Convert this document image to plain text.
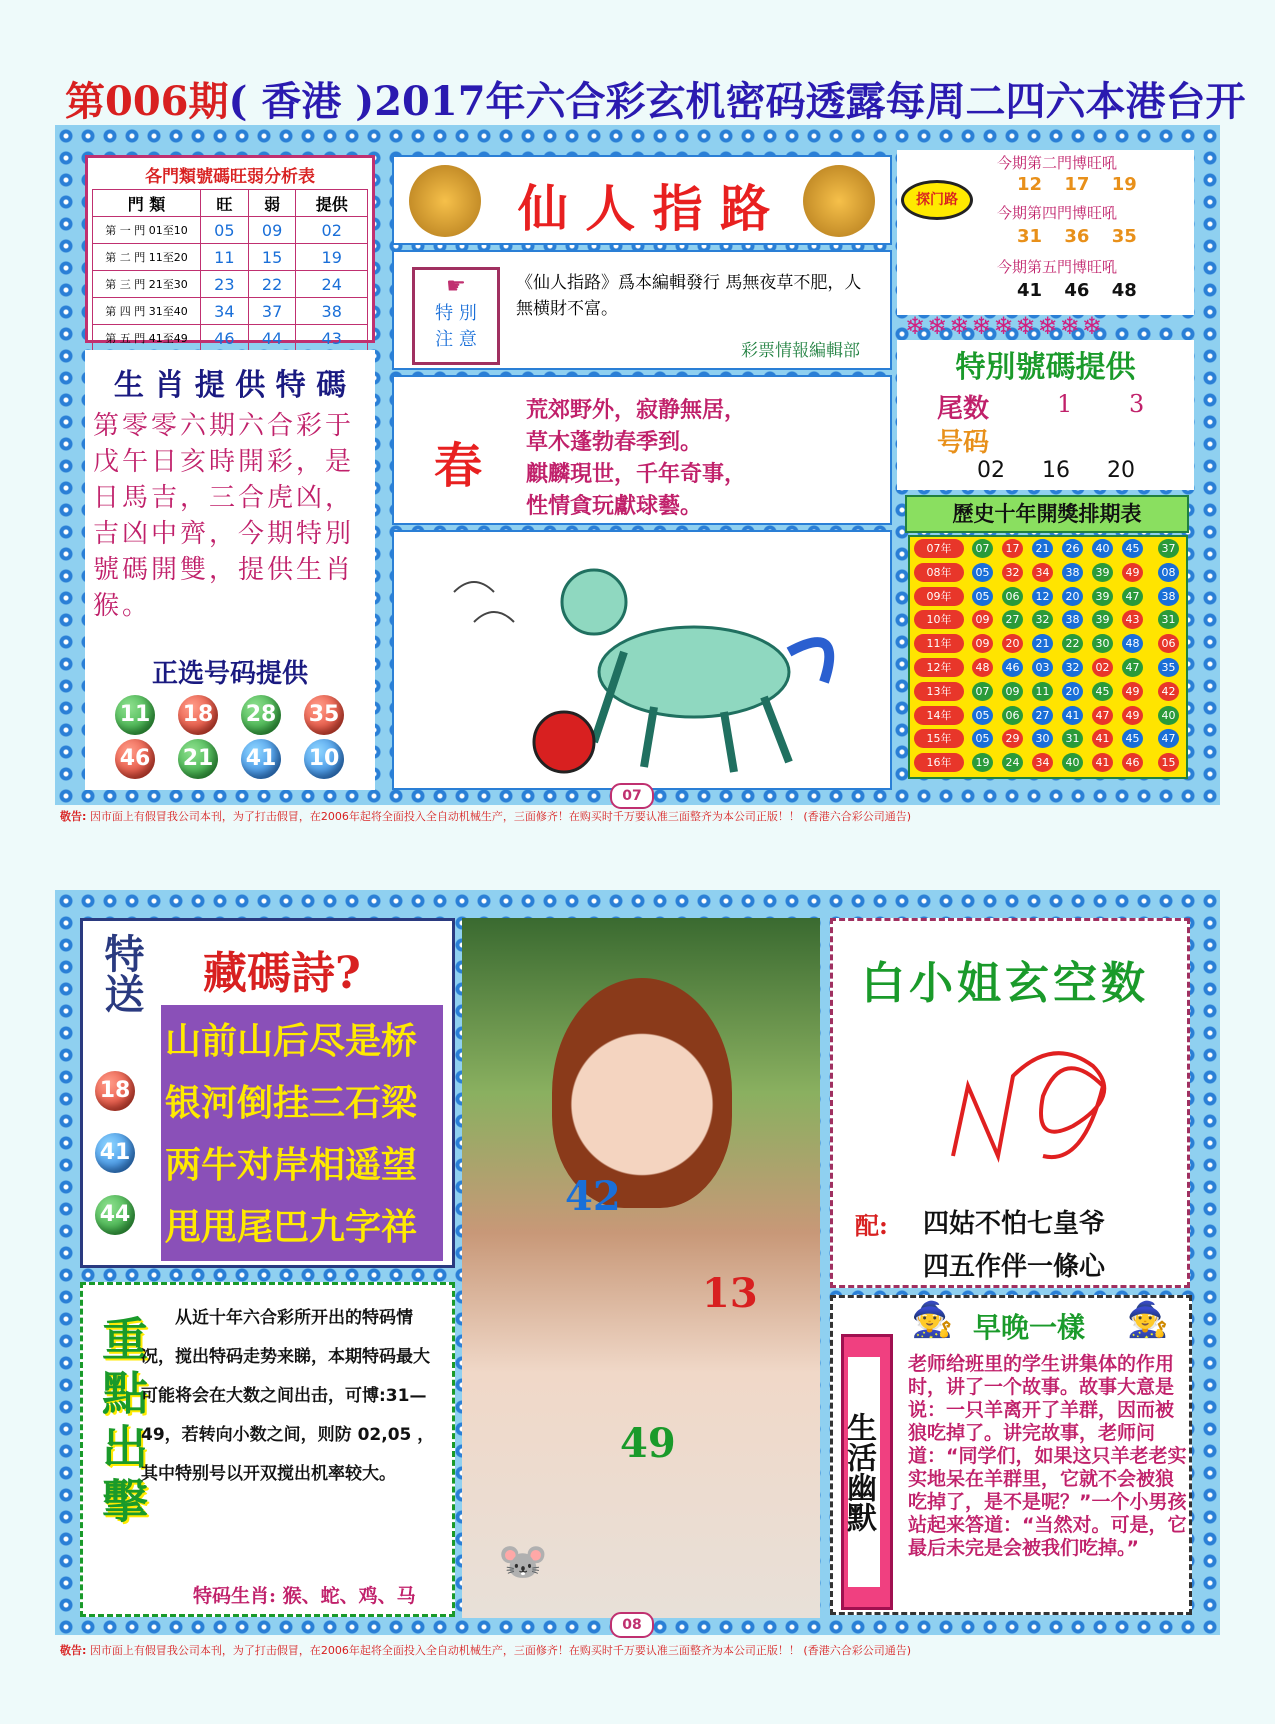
第006期( 香港 )2017年六合彩玄机密码透露每周二四六本港台开
各門類號碼旺弱分析表
門 類	旺	弱	提供
第 一 門 01至10	05	09	02
第 二 門 11至20	11	15	19
第 三 門 21至30	23	22	24
第 四 門 31至40	34	37	38
第 五 門 41至49	46	44	43
生 肖 提 供 特 碼
第零零六期六合彩于戊午日亥時開彩，是日馬吉，三合虎凶，吉凶中齊，今期特別號碼開雙，提供生肖猴。
正选号码提供
11 18 28 35
46 21 41 10
仙 人 指 路
☛
特 別
注 意
《仙人指路》爲本編輯發行 馬無夜草不肥，人無横財不富。
彩票情報編輯部
春
荒郊野外，寂静無居，
草木蓬勃春季到。
麒麟現世，千年奇事，
性情貪玩獻球藝。
探门路
今期第二門博旺吼
12 17 19
今期第四門博旺吼
31 36 35
今期第五門博旺吼
41 46 48
❄❄❄❄❄❄❄❄❄
特別號碼提供
尾数	1 3
号码
02 16 20
歷史十年開獎排期表
07年	07	17	21	26	40	45	37
08年	05	32	34	38	39	49	08
09年	05	06	12	20	39	47	38
10年	09	27	32	38	39	43	31
11年	09	20	21	22	30	48	06
12年	48	46	03	32	02	47	35
13年	07	09	11	20	45	49	42
14年	05	06	27	41	47	49	40
15年	05	29	30	31	41	45	47
16年	19	24	34	40	41	46	15
07
敬告: 因市面上有假冒我公司本刊，为了打击假冒，在2006年起将全面投入全自动机械生产，三面修齐！在购买时千万要认准三面整齐为本公司正版！！ (香港六合彩公司通告)
特送
18
41
44
藏碼詩?
山前山后尽是桥
银河倒挂三石梁
两牛对岸相遥望
甩甩尾巴九字祥
42
13
49
🐭
白小姐玄空数
配: 四姑不怕七皇爷
四五作伴一條心
重點出擊	从近十年六合彩所开出的特码情况，搅出特码走势来睇，本期特码最大可能将会在大数之间出击，可博:31—49，若转向小数之间，则防 02,05 ，其中特别号以开双搅出机率较大。
特码生肖: 猴、蛇、鸡、马
生活幽默
🧙 早晚一樣 🧙
老师给班里的学生讲集体的作用时，讲了一个故事。故事大意是说：一只羊离开了羊群，因而被狼吃掉了。讲完故事，老师问道：“同学们，如果这只羊老老实实地呆在羊群里，它就不会被狼吃掉了，是不是呢？”一个小男孩站起来答道：“当然对。可是，它最后未完是会被我们吃掉。”
08
敬告: 因市面上有假冒我公司本刊，为了打击假冒，在2006年起将全面投入全自动机械生产，三面修齐！在购买时千万要认准三面整齐为本公司正版！！ (香港六合彩公司通告)
